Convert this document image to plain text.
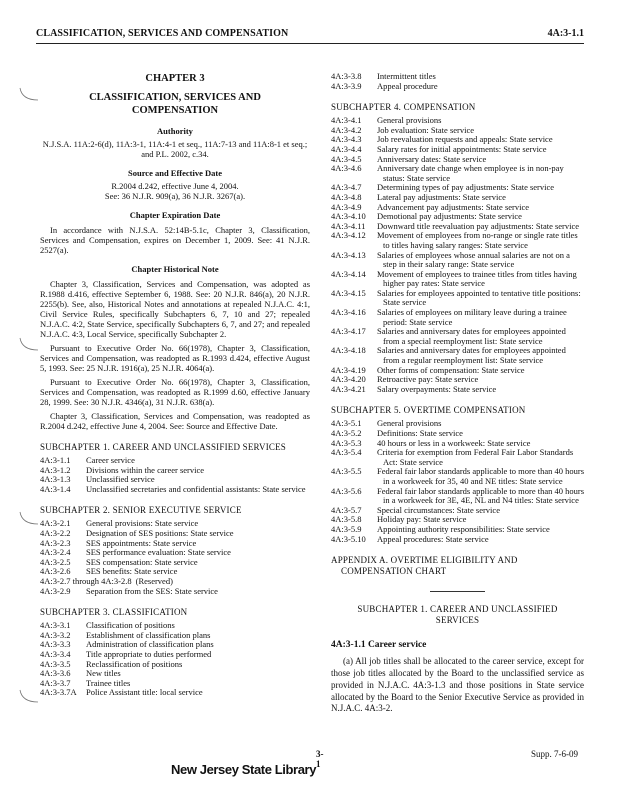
CLASSIFICATION, SERVICES AND COMPENSATION	4A:3-1.1
CHAPTER 3
CLASSIFICATION, SERVICES AND
COMPENSATION
Authority
N.J.S.A. 11A:2-6(d), 11A:3-1, 11A:4-1 et seq., 11A:7-13 and 11A:8-1 et seq.; and P.L. 2002, c.34.
Source and Effective Date
R.2004 d.242, effective June 4, 2004.
See: 36 N.J.R. 909(a), 36 N.J.R. 3267(a).
Chapter Expiration Date
In accordance with N.J.S.A. 52:14B-5.1c, Chapter 3, Classification, Services and Compensation, expires on December 1, 2009. See: 41 N.J.R. 2527(a).
Chapter Historical Note
Chapter 3, Classification, Services and Compensation, was adopted as R.1988 d.416, effective September 6, 1988. See: 20 N.J.R. 846(a), 20 N.J.R. 2255(b). See, also, Historical Notes and annotations at repealed N.J.A.C. 4:1, Civil Service Rules, specifically Subchapters 6, 7, 10 and 27; repealed N.J.A.C. 4:2, State Service, specifically Subchapters 6, 7, and 27; and repealed N.J.A.C. 4:3, Local Service, specifically Subchapter 2.
Pursuant to Executive Order No. 66(1978), Chapter 3, Classification, Services and Compensation, was readopted as R.1993 d.424, effective August 5, 1993. See: 25 N.J.R. 1916(a), 25 N.J.R. 4064(a).
Pursuant to Executive Order No. 66(1978), Chapter 3, Classification, Services and Compensation, was readopted as R.1999 d.60, effective January 28, 1999. See: 30 N.J.R. 4346(a), 31 N.J.R. 638(a).
Chapter 3, Classification, Services and Compensation, was readopted as R.2004 d.242, effective June 4, 2004. See: Source and Effective Date.
SUBCHAPTER 1. CAREER AND UNCLASSIFIED SERVICES
4A:3-1.1	Career service
4A:3-1.2	Divisions within the career service
4A:3-1.3	Unclassified service
4A:3-1.4	Unclassified secretaries and confidential assistants: State service
SUBCHAPTER 2. SENIOR EXECUTIVE SERVICE
4A:3-2.1	General provisions: State service
4A:3-2.2	Designation of SES positions: State service
4A:3-2.3	SES appointments: State service
4A:3-2.4	SES performance evaluation: State service
4A:3-2.5	SES compensation: State service
4A:3-2.6	SES benefits: State service
4A:3-2.7 through 4A:3-2.8 (Reserved)
4A:3-2.9	Separation from the SES: State service
SUBCHAPTER 3. CLASSIFICATION
4A:3-3.1	Classification of positions
4A:3-3.2	Establishment of classification plans
4A:3-3.3	Administration of classification plans
4A:3-3.4	Title appropriate to duties performed
4A:3-3.5	Reclassification of positions
4A:3-3.6	New titles
4A:3-3.7	Trainee titles
4A:3-3.7A	Police Assistant title: local service
4A:3-3.8	Intermittent titles
4A:3-3.9	Appeal procedure
SUBCHAPTER 4. COMPENSATION
4A:3-4.1	General provisions
4A:3-4.2	Job evaluation: State service
4A:3-4.3	Job reevaluation requests and appeals: State service
4A:3-4.4	Salary rates for initial appointments: State service
4A:3-4.5	Anniversary dates: State service
4A:3-4.6	Anniversary date change when employee is in non-pay status: State service
4A:3-4.7	Determining types of pay adjustments: State service
4A:3-4.8	Lateral pay adjustments: State service
4A:3-4.9	Advancement pay adjustments: State service
4A:3-4.10	Demotional pay adjustments: State service
4A:3-4.11	Downward title reevaluation pay adjustments: State service
4A:3-4.12	Movement of employees from no-range or single rate titles to titles having salary ranges: State service
4A:3-4.13	Salaries of employees whose annual salaries are not on a step in their salary range: State service
4A:3-4.14	Movement of employees to trainee titles from titles having higher pay rates: State service
4A:3-4.15	Salaries for employees appointed to tentative title positions: State service
4A:3-4.16	Salaries of employees on military leave during a trainee period: State service
4A:3-4.17	Salaries and anniversary dates for employees appointed from a special reemployment list: State service
4A:3-4.18	Salaries and anniversary dates for employees appointed from a regular reemployment list: State service
4A:3-4.19	Other forms of compensation: State service
4A:3-4.20	Retroactive pay: State service
4A:3-4.21	Salary overpayments: State service
SUBCHAPTER 5. OVERTIME COMPENSATION
4A:3-5.1	General provisions
4A:3-5.2	Definitions: State service
4A:3-5.3	40 hours or less in a workweek: State service
4A:3-5.4	Criteria for exemption from Federal Fair Labor Standards Act: State service
4A:3-5.5	Federal fair labor standards applicable to more than 40 hours in a workweek for 35, 40 and NE titles: State service
4A:3-5.6	Federal fair labor standards applicable to more than 40 hours in a workweek for 3E, 4E, NL and N4 titles: State service
4A:3-5.7	Special circumstances: State service
4A:3-5.8	Holiday pay: State service
4A:3-5.9	Appointing authority responsibilities: State service
4A:3-5.10	Appeal procedures: State service
APPENDIX A. OVERTIME ELIGIBILITY AND COMPENSATION CHART
SUBCHAPTER 1. CAREER AND UNCLASSIFIED
SERVICES
4A:3-1.1 Career service
(a) All job titles shall be allocated to the career service, except for those job titles allocated by the Board to the unclassified service as provided in N.J.A.C. 4A:3-1.3 and those positions in State service allocated by the Board to the Senior Executive Service as provided in N.J.A.C. 4A:3-2.
3-1
Supp. 7-6-09
New Jersey State Library
